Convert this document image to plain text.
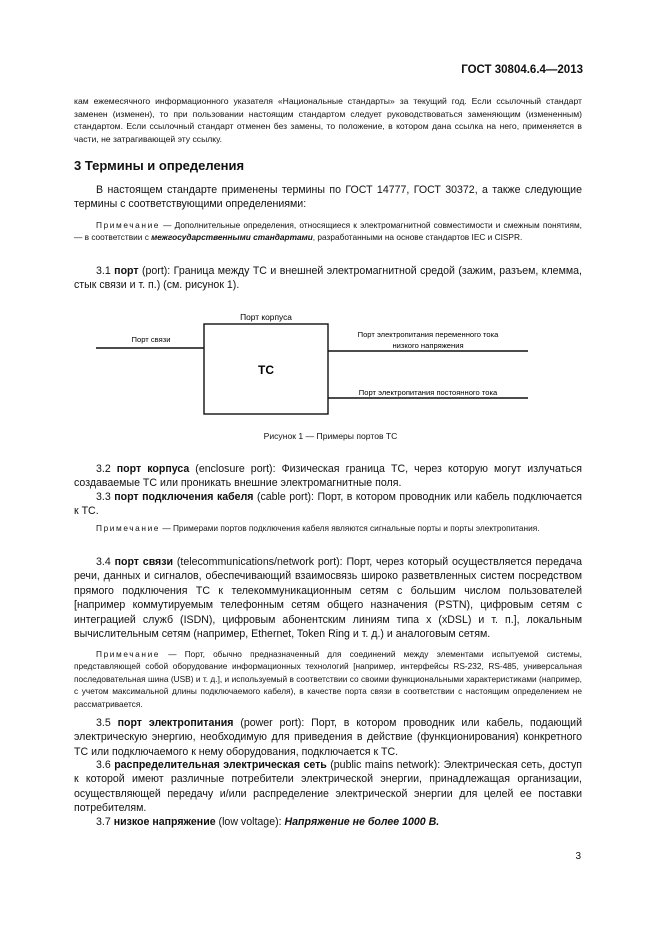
ГОСТ 30804.6.4—2013

кам ежемесячного информационного указателя «Национальные стандарты» за текущий год. Если ссылочный стандарт заменен (изменен), то при пользовании настоящим стандартом следует руководствоваться заменяющим (измененным) стандартом. Если ссылочный стандарт отменен без замены, то положение, в котором дана ссылка на него, применяется в части, не затрагивающей эту ссылку.

3 Термины и определения

В настоящем стандарте применены термины по ГОСТ 14777, ГОСТ 30372, а также следующие термины с соответствующими определениями:

Примечание — Дополнительные определения, относящиеся к электромагнитной совместимости и смежным понятиям, — в соответствии с межгосударственными стандартами, разработанными на основе стандартов IEC и CISPR.

3.1 порт (port): Граница между ТС и внешней электромагнитной средой (зажим, разъем, клемма, стык связи и т. п.) (см. рисунок 1).

ТС
Порт корпуса
Порт связи
Порт электропитания переменного тока
низкого напряжения
Порт электропитания постоянного тока
Рисунок 1 — Примеры портов ТС

3.2 порт корпуса (enclosure port): Физическая граница ТС, через которую могут излучаться создаваемые ТС или проникать внешние электромагнитные поля.

3.3 порт подключения кабеля (cable port): Порт, в котором проводник или кабель подключается к ТС.

Примечание — Примерами портов подключения кабеля являются сигнальные порты и порты электропитания.

3.4 порт связи (telecommunications/network port): Порт, через который осуществляется передача речи, данных и сигналов, обеспечивающий взаимосвязь широко разветвленных систем посредством прямого подключения ТС к телекоммуникационным сетям с большим числом пользователей [например коммутируемым телефонным сетям общего назначения (PSTN), цифровым сетям с интеграцией служб (ISDN), цифровым абонентским линиям типа x (xDSL) и т. п.], локальным вычислительным сетям (например, Ethernet, Token Ring и т. д.) и аналоговым сетям.

Примечание — Порт, обычно предназначенный для соединений между элементами испытуемой системы, представляющей собой оборудование информационных технологий [например, интерфейсы RS-232, RS-485, универсальная последовательная шина (USB) и т. д.], и используемый в соответствии со своими функциональными характеристиками (например, с учетом максимальной длины подключаемого кабеля), в качестве порта связи в соответствии с настоящим определением не рассматривается.

3.5 порт электропитания (power port): Порт, в котором проводник или кабель, подающий электрическую энергию, необходимую для приведения в действие (функционирования) конкретного ТС или подключаемого к нему оборудования, подключается к ТС.

3.6 распределительная электрическая сеть (public mains network): Электрическая сеть, доступ к которой имеют различные потребители электрической энергии, принадлежащая организации, осуществляющей передачу и/или распределение электрической энергии для целей ее поставки потребителям.

3.7 низкое напряжение (low voltage): Напряжение не более 1000 В.

3
